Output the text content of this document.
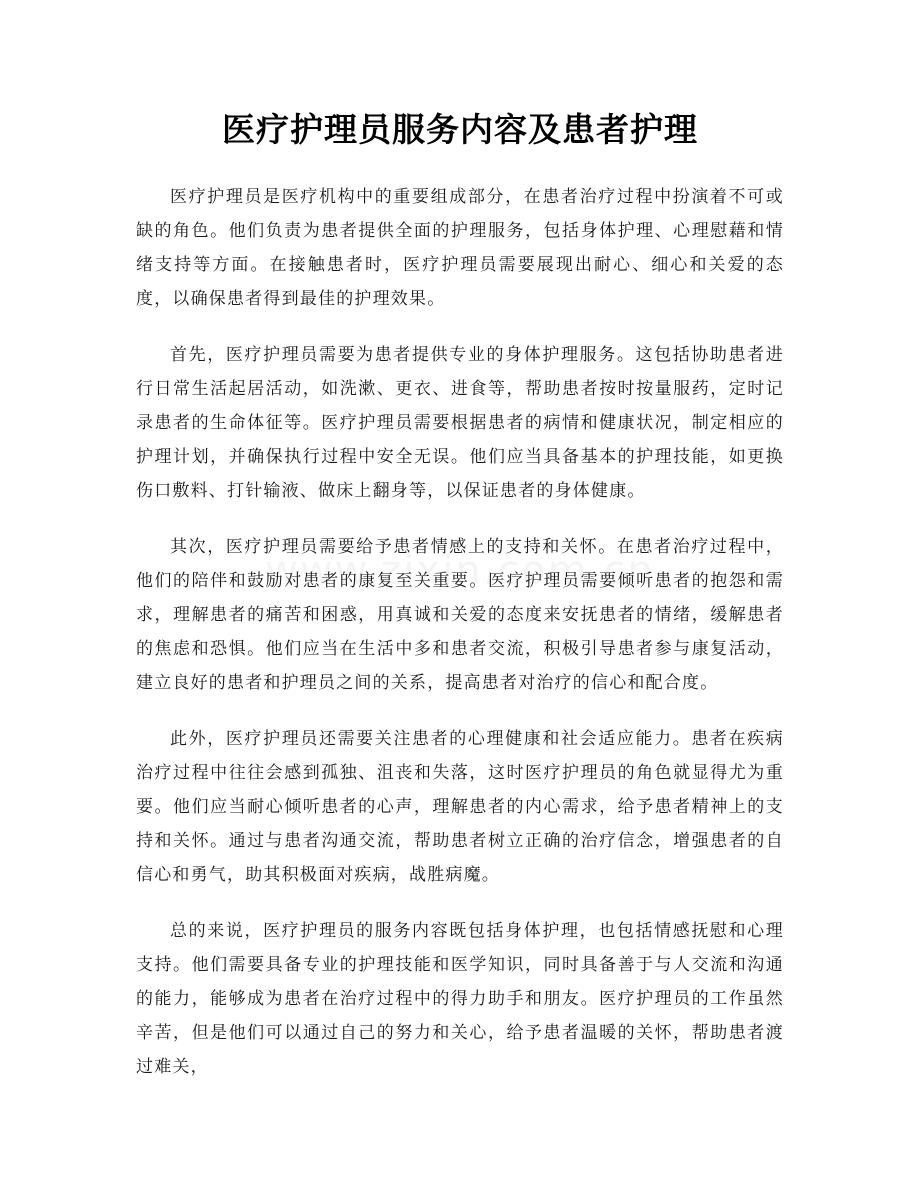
医疗护理员服务内容及患者护理

医疗护理员是医疗机构中的重要组成部分，在患者治疗过程中扮演着不可或缺的角色。他们负责为患者提供全面的护理服务，包括身体护理、心理慰藉和情绪支持等方面。在接触患者时，医疗护理员需要展现出耐心、细心和关爱的态度，以确保患者得到最佳的护理效果。

首先，医疗护理员需要为患者提供专业的身体护理服务。这包括协助患者进行日常生活起居活动，如洗漱、更衣、进食等，帮助患者按时按量服药，定时记录患者的生命体征等。医疗护理员需要根据患者的病情和健康状况，制定相应的护理计划，并确保执行过程中安全无误。他们应当具备基本的护理技能，如更换伤口敷料、打针输液、做床上翻身等，以保证患者的身体健康。

其次，医疗护理员需要给予患者情感上的支持和关怀。在患者治疗过程中，他们的陪伴和鼓励对患者的康复至关重要。医疗护理员需要倾听患者的抱怨和需求，理解患者的痛苦和困惑，用真诚和关爱的态度来安抚患者的情绪，缓解患者的焦虑和恐惧。他们应当在生活中多和患者交流，积极引导患者参与康复活动，建立良好的患者和护理员之间的关系，提高患者对治疗的信心和配合度。

此外，医疗护理员还需要关注患者的心理健康和社会适应能力。患者在疾病治疗过程中往往会感到孤独、沮丧和失落，这时医疗护理员的角色就显得尤为重要。他们应当耐心倾听患者的心声，理解患者的内心需求，给予患者精神上的支持和关怀。通过与患者沟通交流，帮助患者树立正确的治疗信念，增强患者的自信心和勇气，助其积极面对疾病，战胜病魔。

总的来说，医疗护理员的服务内容既包括身体护理，也包括情感抚慰和心理支持。他们需要具备专业的护理技能和医学知识，同时具备善于与人交流和沟通的能力，能够成为患者在治疗过程中的得力助手和朋友。医疗护理员的工作虽然辛苦，但是他们可以通过自己的努力和关心，给予患者温暖的关怀，帮助患者渡过难关，
